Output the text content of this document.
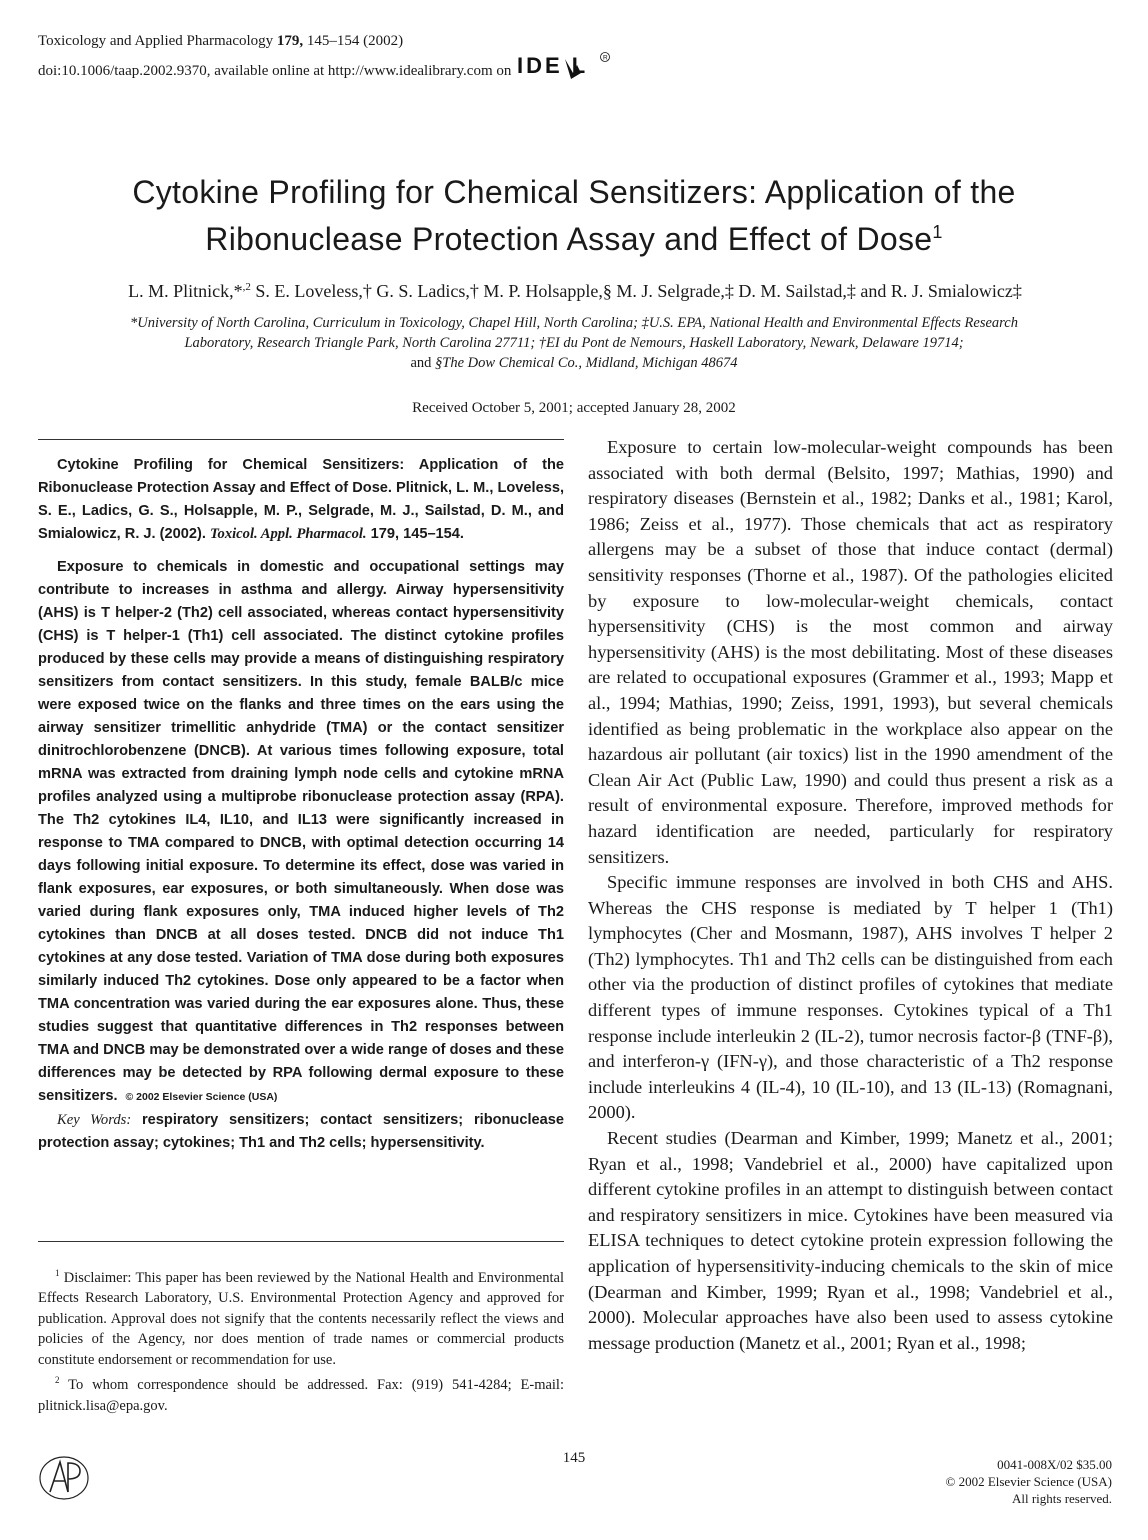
Toxicology and Applied Pharmacology 179, 145–154 (2002)
doi:10.1006/taap.2002.9370, available online at http://www.idealibrary.com on IDE L R
Cytokine Profiling for Chemical Sensitizers: Application of the
Ribonuclease Protection Assay and Effect of Dose$^1$
L. M. Plitnick,*$^{,2}$ S. E. Loveless,† G. S. Ladics,† M. P. Holsapple,§ M. J. Selgrade,‡ D. M. Sailstad,‡ and R. J. Smialowicz‡
*University of North Carolina, Curriculum in Toxicology, Chapel Hill, North Carolina; ‡U.S. EPA, National Health and Environmental Effects Research
Laboratory, Research Triangle Park, North Carolina 27711; †EI du Pont de Nemours, Haskell Laboratory, Newark, Delaware 19714;
and §The Dow Chemical Co., Midland, Michigan 48674
Received October 5, 2001; accepted January 28, 2002

Cytokine Profiling for Chemical Sensitizers: Application of the Ribonuclease Protection Assay and Effect of Dose. Plitnick, L. M., Loveless, S. E., Ladics, G. S., Holsapple, M. P., Selgrade, M. J., Sailstad, D. M., and Smialowicz, R. J. (2002). Toxicol. Appl. Pharmacol. 179, 145–154.

Exposure to chemicals in domestic and occupational settings may contribute to increases in asthma and allergy. Airway hypersensitivity (AHS) is T helper-2 (Th2) cell associated, whereas contact hypersensitivity (CHS) is T helper-1 (Th1) cell associated. The distinct cytokine profiles produced by these cells may provide a means of distinguishing respiratory sensitizers from contact sensitizers. In this study, female BALB/c mice were exposed twice on the flanks and three times on the ears using the airway sensitizer trimellitic anhydride (TMA) or the contact sensitizer dinitrochlorobenzene (DNCB). At various times following exposure, total mRNA was extracted from draining lymph node cells and cytokine mRNA profiles analyzed using a multiprobe ribonuclease protection assay (RPA). The Th2 cytokines IL4, IL10, and IL13 were significantly increased in response to TMA compared to DNCB, with optimal detection occurring 14 days following initial exposure. To determine its effect, dose was varied in flank exposures, ear exposures, or both simultaneously. When dose was varied during flank exposures only, TMA induced higher levels of Th2 cytokines than DNCB at all doses tested. DNCB did not induce Th1 cytokines at any dose tested. Variation of TMA dose during both exposures similarly induced Th2 cytokines. Dose only appeared to be a factor when TMA concentration was varied during the ear exposures alone. Thus, these studies suggest that quantitative differences in Th2 responses between TMA and DNCB may be demonstrated over a wide range of doses and these differences may be detected by RPA following dermal exposure to these sensitizers. © 2002 Elsevier Science (USA)

Key Words: respiratory sensitizers; contact sensitizers; ribonuclease protection assay; cytokines; Th1 and Th2 cells; hypersensitivity.

$^1$ Disclaimer: This paper has been reviewed by the National Health and Environmental Effects Research Laboratory, U.S. Environmental Protection Agency and approved for publication. Approval does not signify that the contents necessarily reflect the views and policies of the Agency, nor does mention of trade names or commercial products constitute endorsement or recommendation for use.

$^2$ To whom correspondence should be addressed. Fax: (919) 541-4284; E-mail: plitnick.lisa@epa.gov.

Exposure to certain low-molecular-weight compounds has been associated with both dermal (Belsito, 1997; Mathias, 1990) and respiratory diseases (Bernstein et al., 1982; Danks et al., 1981; Karol, 1986; Zeiss et al., 1977). Those chemicals that act as respiratory allergens may be a subset of those that induce contact (dermal) sensitivity responses (Thorne et al., 1987). Of the pathologies elicited by exposure to low-molecular-weight chemicals, contact hypersensitivity (CHS) is the most common and airway hypersensitivity (AHS) is the most debilitating. Most of these diseases are related to occupational exposures (Grammer et al., 1993; Mapp et al., 1994; Mathias, 1990; Zeiss, 1991, 1993), but several chemicals identified as being problematic in the workplace also appear on the hazardous air pollutant (air toxics) list in the 1990 amendment of the Clean Air Act (Public Law, 1990) and could thus present a risk as a result of environmental exposure. Therefore, improved methods for hazard identification are needed, particularly for respiratory sensitizers.

Specific immune responses are involved in both CHS and AHS. Whereas the CHS response is mediated by T helper 1 (Th1) lymphocytes (Cher and Mosmann, 1987), AHS involves T helper 2 (Th2) lymphocytes. Th1 and Th2 cells can be distinguished from each other via the production of distinct profiles of cytokines that mediate different types of immune responses. Cytokines typical of a Th1 response include interleukin 2 (IL-2), tumor necrosis factor-β (TNF-β), and interferon-γ (IFN-γ), and those characteristic of a Th2 response include interleukins 4 (IL-4), 10 (IL-10), and 13 (IL-13) (Romagnani, 2000).

Recent studies (Dearman and Kimber, 1999; Manetz et al., 2001; Ryan et al., 1998; Vandebriel et al., 2000) have capitalized upon different cytokine profiles in an attempt to distinguish between contact and respiratory sensitizers in mice. Cytokines have been measured via ELISA techniques to detect cytokine protein expression following the application of hypersensitivity-inducing chemicals to the skin of mice (Dearman and Kimber, 1999; Ryan et al., 1998; Vandebriel et al., 2000). Molecular approaches have also been used to assess cytokine message production (Manetz et al., 2001; Ryan et al., 1998;

145	0041-008X/02 $35.00
© 2002 Elsevier Science (USA)
All rights reserved.
